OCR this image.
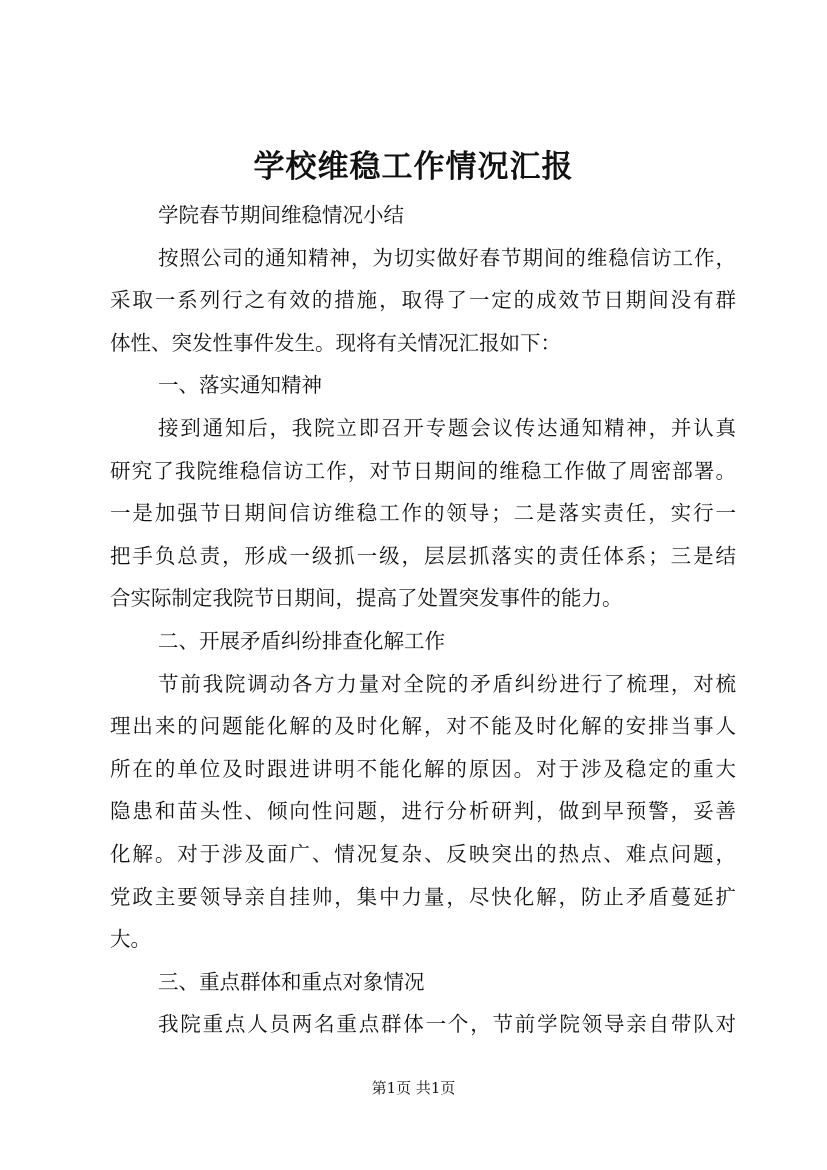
学校维稳工作情况汇报
学院春节期间维稳情况小结
按照公司的通知精神，为切实做好春节期间的维稳信访工作，
采取一系列行之有效的措施，取得了一定的成效节日期间没有群
体性、突发性事件发生。现将有关情况汇报如下：
一、落实通知精神
接到通知后，我院立即召开专题会议传达通知精神，并认真
研究了我院维稳信访工作，对节日期间的维稳工作做了周密部署。
一是加强节日期间信访维稳工作的领导；二是落实责任，实行一
把手负总责，形成一级抓一级，层层抓落实的责任体系；三是结
合实际制定我院节日期间，提高了处置突发事件的能力。
二、开展矛盾纠纷排查化解工作
节前我院调动各方力量对全院的矛盾纠纷进行了梳理，对梳
理出来的问题能化解的及时化解，对不能及时化解的安排当事人
所在的单位及时跟进讲明不能化解的原因。对于涉及稳定的重大
隐患和苗头性、倾向性问题，进行分析研判，做到早预警，妥善
化解。对于涉及面广、情况复杂、反映突出的热点、难点问题，
党政主要领导亲自挂帅，集中力量，尽快化解，防止矛盾蔓延扩
大。
三、重点群体和重点对象情况
我院重点人员两名重点群体一个，节前学院领导亲自带队对
第1页 共1页
